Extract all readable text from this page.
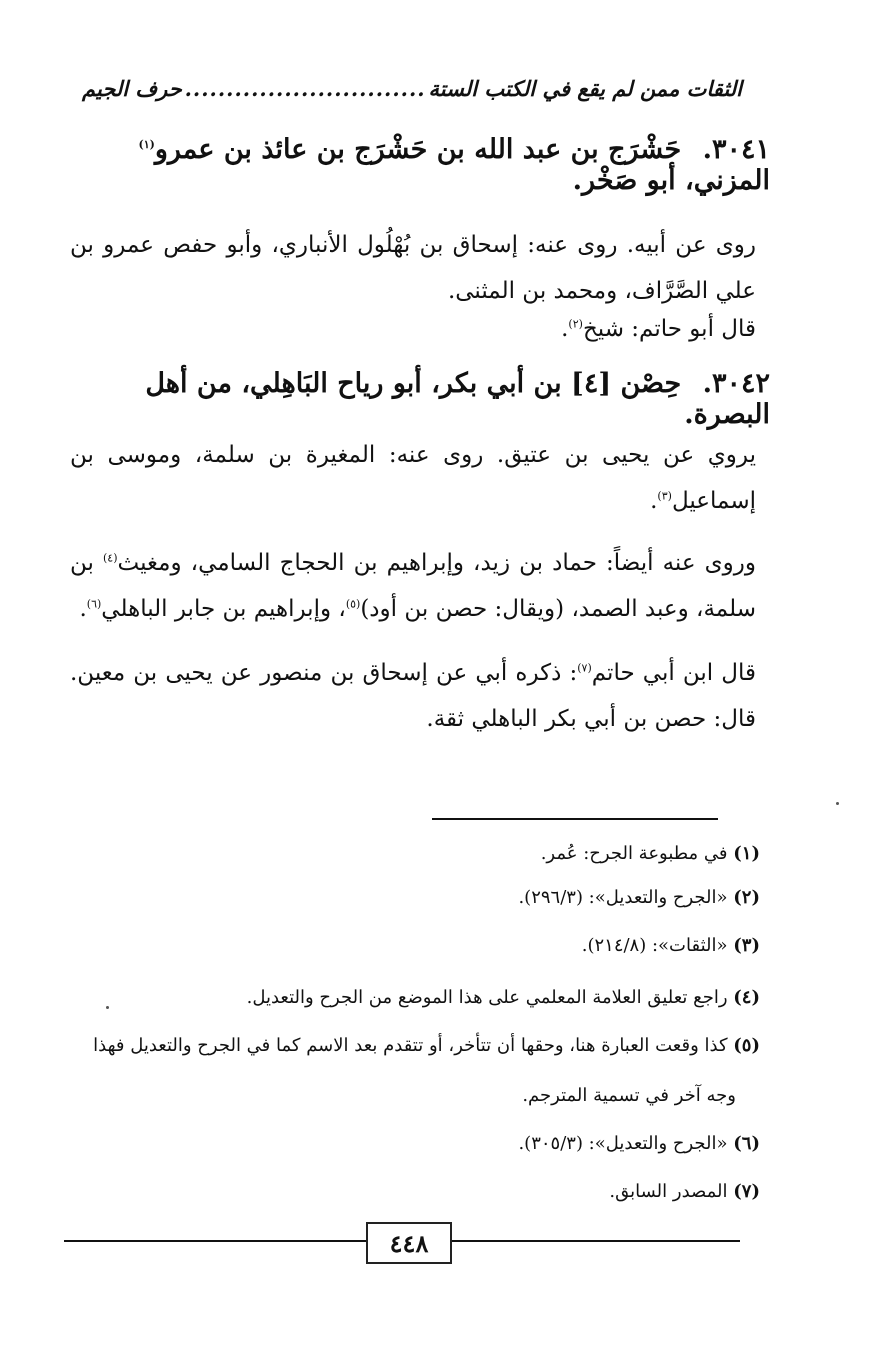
حرف الجيم ............................. الثقات ممن لم يقع في الكتب الستة
٣٠٤١. حَشْرَج بن عبد الله بن حَشْرَج بن عائذ بن عمرو$^{(١)}$ المزني، أبو صَخْر.
روى عن أبيه. روى عنه: إسحاق بن بُهْلُول الأنباري، وأبو حفص عمرو بن علي الصَّرَّاف، ومحمد بن المثنى.
قال أبو حاتم: شيخ$^{(٢)}$.
٣٠٤٢. حِصْن [٤] بن أبي بكر، أبو رياح البَاهِلي، من أهل البصرة.
يروي عن يحيى بن عتيق. روى عنه: المغيرة بن سلمة، وموسى بن إسماعيل$^{(٣)}$.
وروى عنه أيضاً: حماد بن زيد، وإبراهيم بن الحجاج السامي، ومغيث$^{(٤)}$ بن سلمة، وعبد الصمد، (ويقال: حصن بن أود)$^{(٥)}$، وإبراهيم بن جابر الباهلي$^{(٦)}$.
قال ابن أبي حاتم$^{(٧)}$: ذكره أبي عن إسحاق بن منصور عن يحيى بن معين. قال: حصن بن أبي بكر الباهلي ثقة.
(١) في مطبوعة الجرح: عُمر.
(٢) «الجرح والتعديل»: (٢٩٦/٣).
(٣) «الثقات»: (٢١٤/٨).
(٤) راجع تعليق العلامة المعلمي على هذا الموضع من الجرح والتعديل.
(٥) كذا وقعت العبارة هنا، وحقها أن تتأخر، أو تتقدم بعد الاسم كما في الجرح والتعديل فهذا
وجه آخر في تسمية المترجم.
(٦) «الجرح والتعديل»: (٣٠٥/٣).
(٧) المصدر السابق.
٤٤٨
